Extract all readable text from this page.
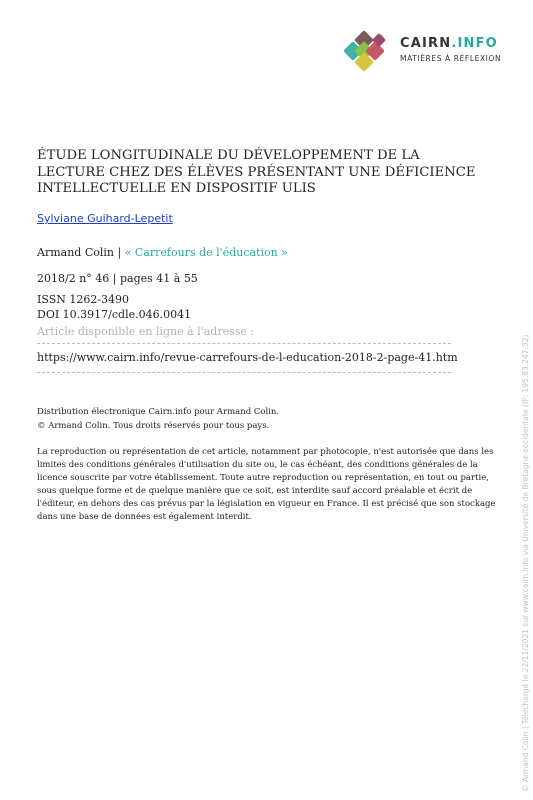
CAIRN.INFO
MATIÈRES À RÉFLEXION
ÉTUDE LONGITUDINALE DU DÉVELOPPEMENT DE LA LECTURE CHEZ DES ÉLÈVES PRÉSENTANT UNE DÉFICIENCE INTELLECTUELLE EN DISPOSITIF ULIS
Sylviane Guihard-Lepetit
Armand Colin | « Carrefours de l'éducation »
2018/2 n° 46 | pages 41 à 55
ISSN 1262-3490
DOI 10.3917/cdle.046.0041
Article disponible en ligne à l'adresse :
https://www.cairn.info/revue-carrefours-de-l-education-2018-2-page-41.htm
Distribution électronique Cairn.info pour Armand Colin.
© Armand Colin. Tous droits réservés pour tous pays.

La reproduction ou représentation de cet article, notamment par photocopie, n'est autorisée que dans les limites des conditions générales d'utilisation du site ou, le cas échéant, des conditions générales de la licence souscrite par votre établissement. Toute autre reproduction ou représentation, en tout ou partie, sous quelque forme et de quelque manière que ce soit, est interdite sauf accord préalable et écrit de l'éditeur, en dehors des cas prévus par la législation en vigueur en France. Il est précisé que son stockage dans une base de données est également interdit.	© Armand Colin | Téléchargé le 22/11/2021 sur www.cairn.info via Université de Bretagne occidentale (IP: 195.83.247.32)
